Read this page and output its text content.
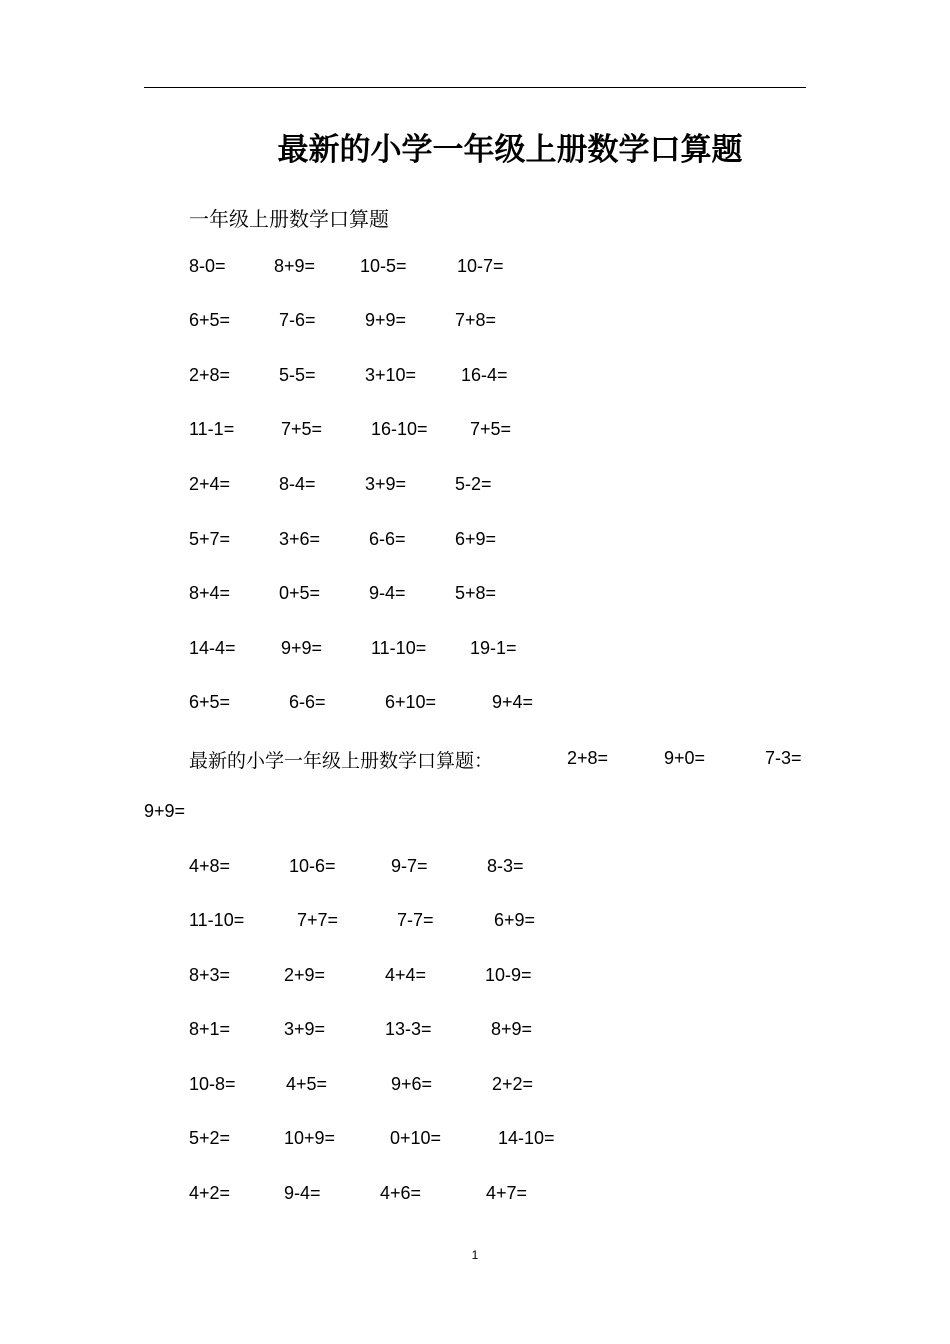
最新的小学一年级上册数学口算题
一年级上册数学口算题
8-0=	8+9= 10-5=	10-7=
6+5=	7-6=	9+9=	7+8=
2+8=	5-5=	3+10= 16-4=
11-1=	7+5=	16-10= 7+5=
2+4=	8-4=	3+9=	5-2=
5+7=	3+6=	6-6=	6+9=
8+4=	0+5=	9-4=	5+8=
14-4=	9+9=	11-10= 19-1=
6+5=	6-6=	6+10=	9+4=
最新的小学一年级上册数学口算题：	2+8=	9+0=	7-3=
9+9=
4+8=	10-6=	9-7=	8-3=
11-10=	7+7=	7-7=	6+9=
8+3=	2+9=	4+4=	10-9=
8+1=	3+9=	13-3=	8+9=
10-8=	4+5=	9+6=	2+2=
5+2=	10+9=	0+10=	14-10=
4+2=	9-4=	4+6=	4+7=
1
